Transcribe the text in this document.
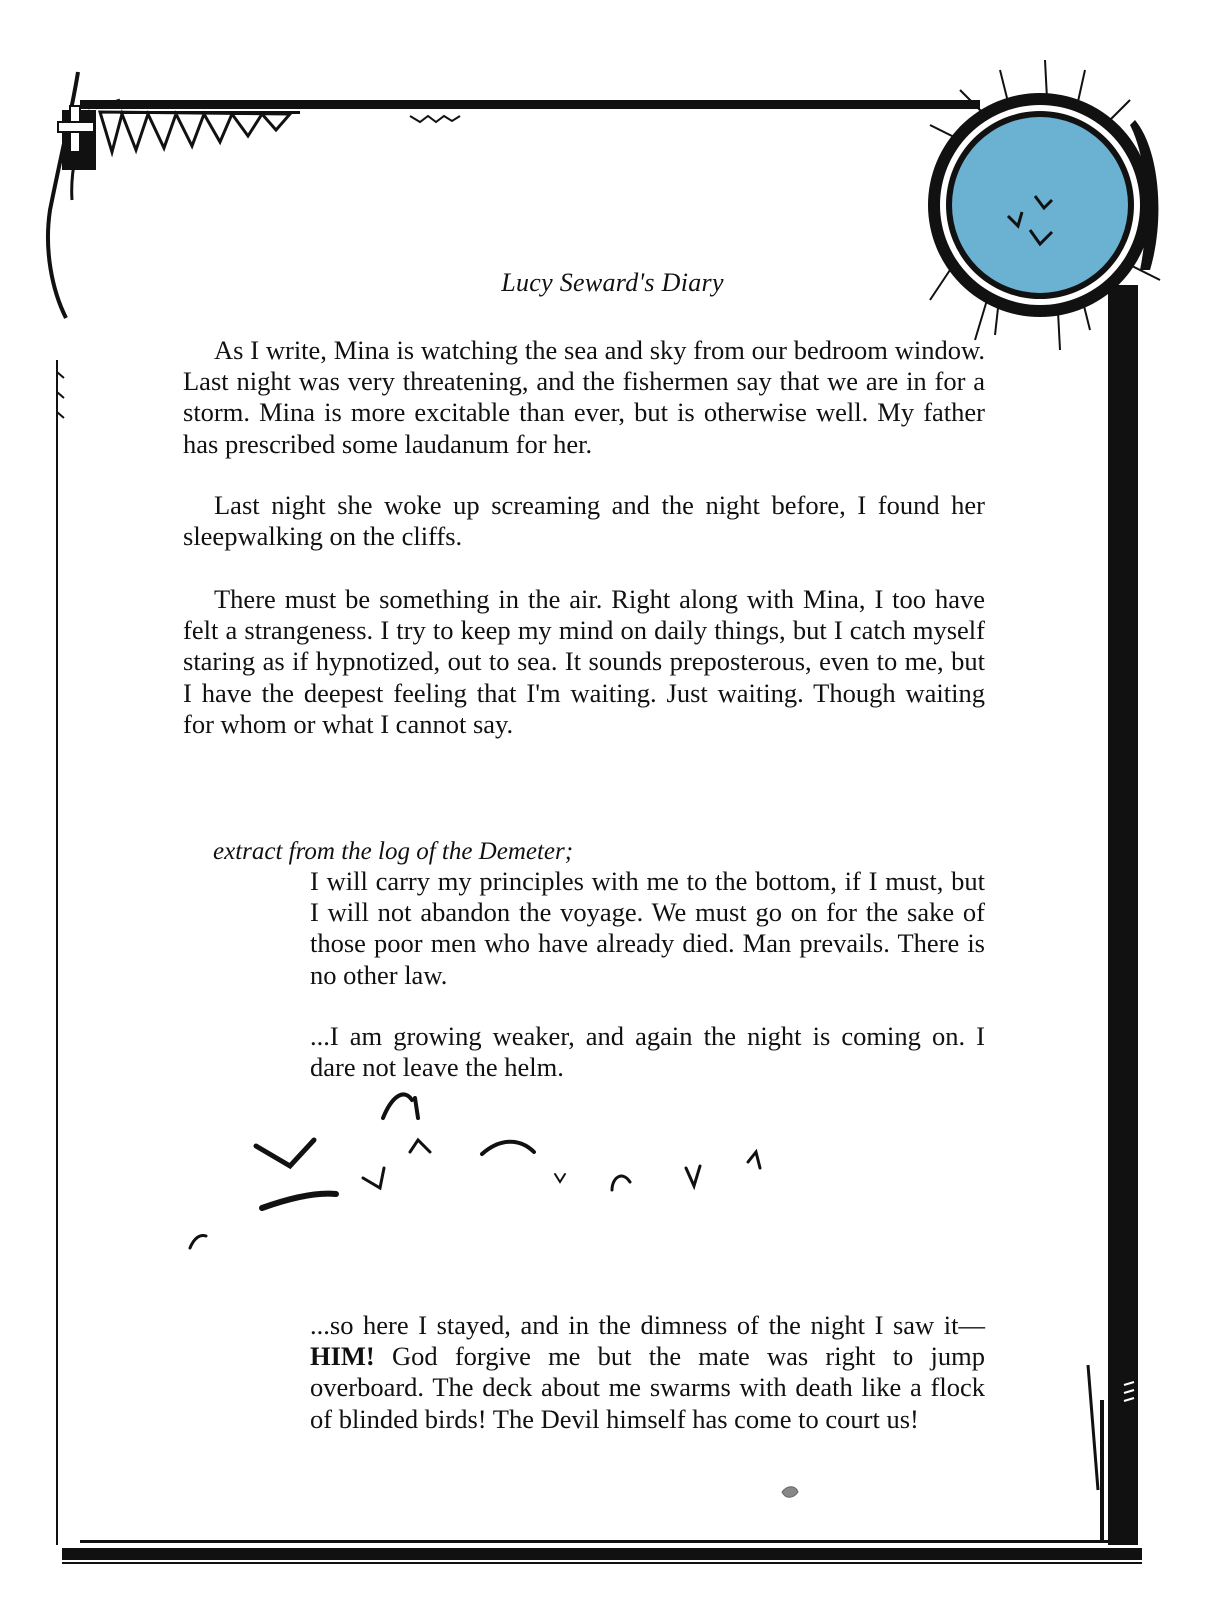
Lucy Seward's Diary

As I write, Mina is watching the sea and sky from our bedroom window. Last night was very threatening, and the fishermen say that we are in for a storm. Mina is more excitable than ever, but is otherwise well. My father has prescribed some laudanum for her.

Last night she woke up screaming and the night before, I found her sleepwalking on the cliffs.

There must be something in the air. Right along with Mina, I too have felt a strangeness. I try to keep my mind on daily things, but I catch myself staring as if hypnotized, out to sea. It sounds preposterous, even to me, but I have the deepest feeling that I'm waiting. Just waiting. Though waiting for whom or what I cannot say.

extract from the log of the Demeter;

I will carry my principles with me to the bottom, if I must, but I will not abandon the voyage. We must go on for the sake of those poor men who have already died. Man prevails. There is no other law.

...I am growing weaker, and again the night is coming on. I dare not leave the helm.

...so here I stayed, and in the dimness of the night I saw it—HIM! God forgive me but the mate was right to jump overboard. The deck about me swarms with death like a flock of blinded birds! The Devil himself has come to court us!
